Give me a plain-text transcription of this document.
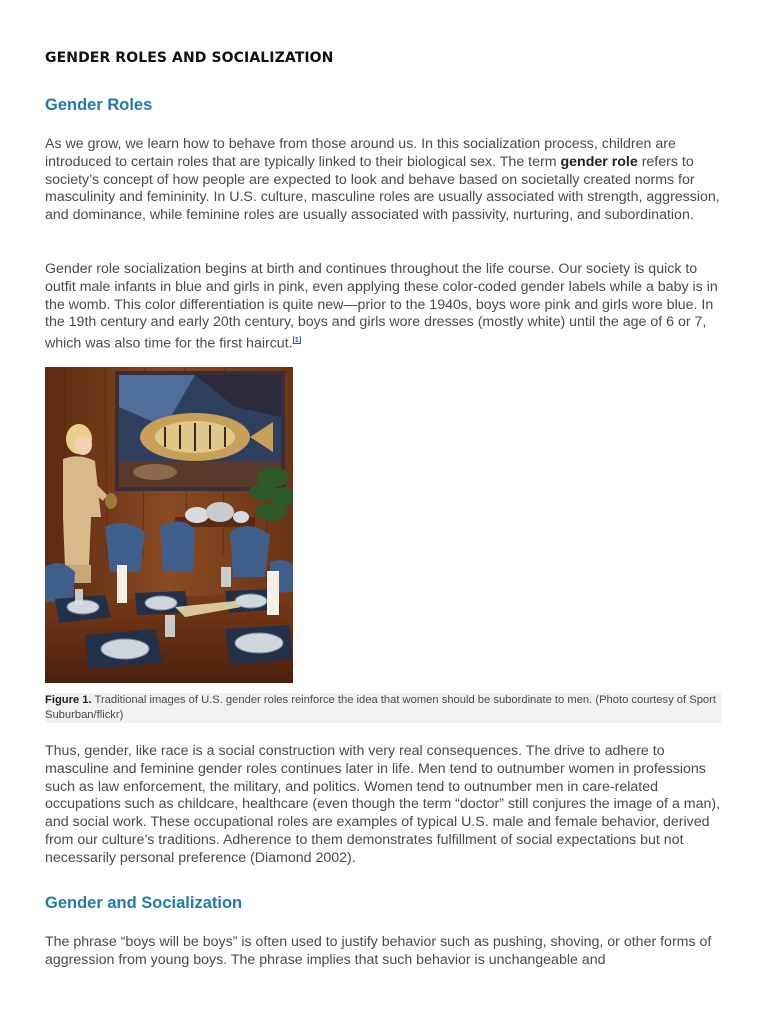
GENDER ROLES AND SOCIALIZATION
Gender Roles

As we grow, we learn how to behave from those around us. In this socialization process, children are introduced to certain roles that are typically linked to their biological sex. The term gender role refers to society’s concept of how people are expected to look and behave based on societally created norms for masculinity and femininity. In U.S. culture, masculine roles are usually associated with strength, aggression, and dominance, while feminine roles are usually associated with passivity, nurturing, and subordination.

Gender role socialization begins at birth and continues throughout the life course. Our society is quick to outfit male infants in blue and girls in pink, even applying these color-coded gender labels while a baby is in the womb. This color differentiation is quite new—prior to the 1940s, boys wore pink and girls wore blue. In the 19th century and early 20th century, boys and girls wore dresses (mostly white) until the age of 6 or 7, which was also time for the first haircut.[1]

Figure 1. Traditional images of U.S. gender roles reinforce the idea that women should be subordinate to men. (Photo courtesy of Sport Suburban/flickr)

Thus, gender, like race is a social construction with very real consequences. The drive to adhere to masculine and feminine gender roles continues later in life. Men tend to outnumber women in professions such as law enforcement, the military, and politics. Women tend to outnumber men in care-related occupations such as childcare, healthcare (even though the term “doctor” still conjures the image of a man), and social work. These occupational roles are examples of typical U.S. male and female behavior, derived from our culture’s traditions. Adherence to them demonstrates fulfillment of social expectations but not necessarily personal preference (Diamond 2002).

Gender and Socialization

The phrase “boys will be boys” is often used to justify behavior such as pushing, shoving, or other forms of aggression from young boys. The phrase implies that such behavior is unchangeable and
